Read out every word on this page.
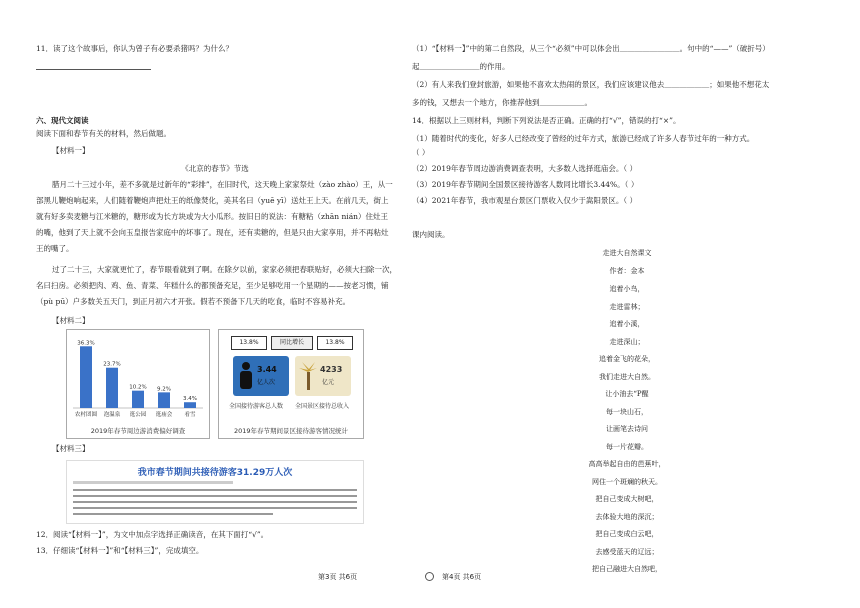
11．读了这个故事后，你认为曾子有必要杀猪吗？为什么？
六、现代文阅读
阅读下面和春节有关的材料，然后做题。
【材料一】
《北京的春节》节选
腊月二十三过小年，差不多就是过新年的“彩排”，在旧时代，这天晚上家家祭灶（zào zhào）王，从一
部黑儿鞭炮响起来，人们随着鞭炮声把灶王的纸像焚化，美其名曰（yuē yī）送灶王上天。在前几天，街上
就有好多卖麦糖与江米糖的，糖形或为长方块或为大小瓜形。按旧日的说法：有糖粘（zhān nián）住灶王
的嘴，他到了天上就不会向玉皇报告家庭中的坏事了。现在，还有卖糖的，但是只由大家享用，并不再粘灶
王的嘴了。
过了二十三，大家就更忙了，春节眼看就到了啊。在除夕以前，家家必须把春联贴好，必须大扫除一次，
名曰扫房。必须把肉、鸡、鱼、青菜、年糕什么的都预备充足，至少足够吃用一个星期的——按老习惯，铺
（pù pū）户多数关五天门，到正月初六才开张。假若不预备下几天的吃食，临时不容易补充。
【材料二】
36.3%
农村团圆
23.7%
泡温泉
10.2%
逛公园
9.2%
逛庙会
3.4%
看雪
2019年春节周边游消费偏好调查
13.8%	同比增长	13.8%
3.44
亿人次
4233
亿元
全国接待游客总人数 全国景区接待总收入
2019年春节期间景区接待游客情况统计
【材料三】
我市春节期间共接待游客31.29万人次
12．阅读“【材料一】”，为文中加点字选择正确读音，在其下面打“√”。
13．仔细读“【材料一】”和“【材料三】”，完成填空。
第3页 共6页
（1）“【材料一】”中的第二自然段，从三个“必须”中可以体会出＿＿＿＿＿＿＿＿。句中的“——”（破折号）
起＿＿＿＿＿＿＿＿的作用。
（2）有人来我们登封旅游，如果他不喜欢太热闹的景区，我们应该建议他去＿＿＿＿＿＿；如果他不想花太
多的钱，又想去一个地方，你推荐他到＿＿＿＿＿＿。
14．根据以上三则材料，判断下列说法是否正确。正确的打“√”，错误的打“×”。
（1）随着时代的变化，好多人已经改变了曾经的过年方式，旅游已经成了许多人春节过年的一种方式。
（ ）
（2）2019年春节周边游消费调查表明，大多数人选择逛庙会。（ ）
（3）2019年春节期间全国景区接待游客人数同比增长3.44%。（ ）
（4）2021年春节，我市观星台景区门票收入仅少于嵩阳景区。（ ）
课内阅读。
走进大自然课文
作者：金本
追着小鸟，
走进雷林；
追着小溪，
走进深山；
追着金飞的花朵，
我们走进大自然。
让小油去“P醒
每一块山石，
让画笔去诗问
每一片花瓣。
高高举起自由的芭蕉叶，
网住一个斑斓的秋天。
把自己变成大树吧，
去体验大地的深沉；
把自己变成白云吧，
去感受蓝天的辽远；
把自己融进大自然吧，
第4页 共6页
